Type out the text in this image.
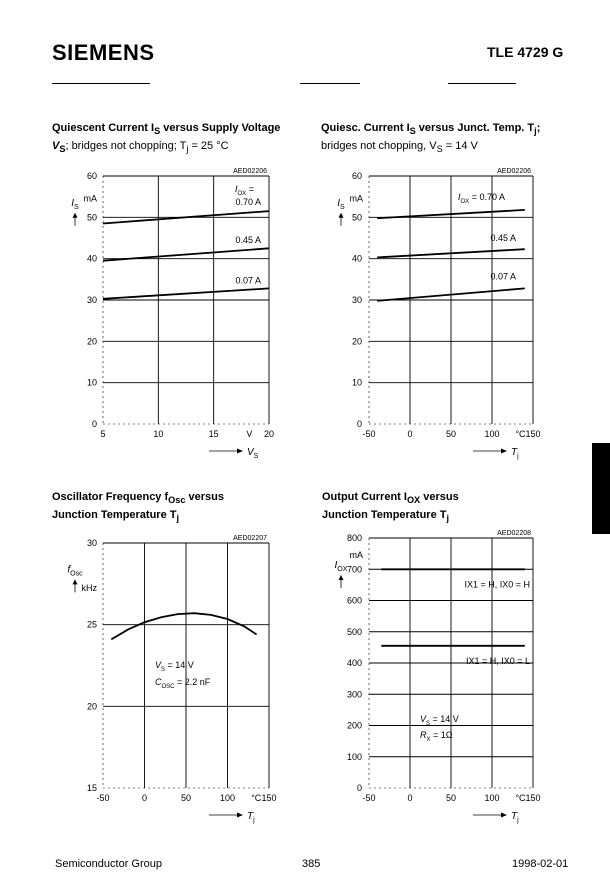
SIEMENS	TLE 4729 G
Quiescent Current $I_S$ versus Supply Voltage
$V_S$; bridges not chopping; $T_j = 25$ °C
Quiesc. Current $I_S$ versus Junct. Temp. $T_j$;
bridges not chopping, $V_S = 14$ V
Oscillator Frequency $f_{Osc}$ versus
Junction Temperature $T_j$
Output Current $I_{OX}$ versus
Junction Temperature $T_j$
0
10
20
30
40
50
60
5	10	15	V 20
AED02206
mA
$I_S$
$V_S$
$I_{OX}$ =
0.70 A
0.45 A
0.07 A
0
10
20
30
40
50
60
-50	0	50	100 °C 150
AED02206
mA
$I_S$
$T_j$
$I_{OX} = 0.70$ A
0.45 A
0.07 A
15
20
25
30
-50	0	50	100 °C 150
AED02207
kHz
$f_{Osc}$
$T_j$
$V_S = 14$ V
$C_{OSC} = 2.2$ nF
0
100
200
300
400
500
600
700
800
-50	0	50	100 °C 150
AED02208
mA
$I_{OX}$
$T_j$
IX1 = H, IX0 = H
IX1 = H, IX0 = L
$V_S = 14$ V
$R_X = 1\Omega$
Semiconductor Group	385	1998-02-01
